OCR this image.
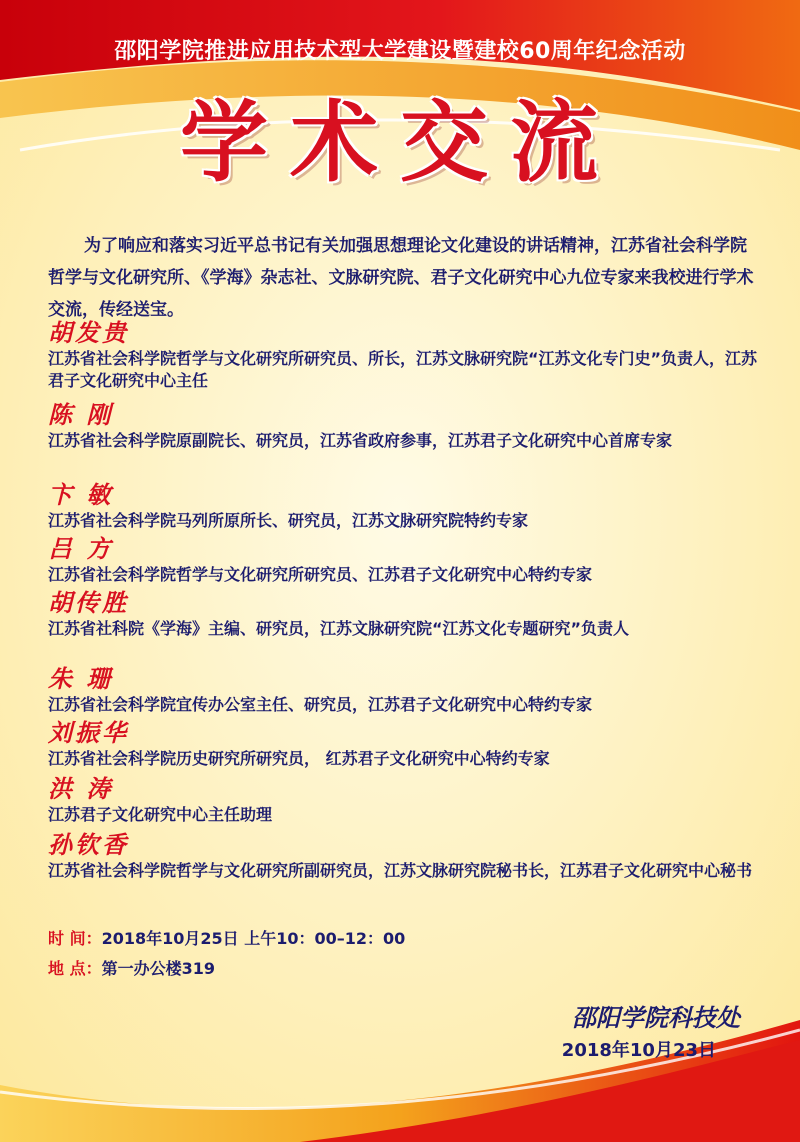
邵阳学院推进应用技术型大学建设暨建校60周年纪念活动
学术交流
为了响应和落实习近平总书记有关加强思想理论文化建设的讲话精神，江苏省社会科学院哲学与文化研究所、《学海》杂志社、文脉研究院、君子文化研究中心九位专家来我校进行学术交流，传经送宝。
胡发贵
江苏省社会科学院哲学与文化研究所研究员、所长，江苏文脉研究院“江苏文化专门史”负责人，江苏君子文化研究中心主任
陈 刚
江苏省社会科学院原副院长、研究员，江苏省政府参事，江苏君子文化研究中心首席专家
卞 敏
江苏省社会科学院马列所原所长、研究员，江苏文脉研究院特约专家
吕 方
江苏省社会科学院哲学与文化研究所研究员、江苏君子文化研究中心特约专家
胡传胜
江苏省社科院《学海》主编、研究员，江苏文脉研究院“江苏文化专题研究”负责人
朱 珊
江苏省社会科学院宜传办公室主任、研究员，江苏君子文化研究中心特约专家
刘振华
江苏省社会科学院历史研究所研究员， 红苏君子文化研究中心特约专家
洪 涛
江苏君子文化研究中心主任助理
孙钦香
江苏省社会科学院哲学与文化研究所副研究员，江苏文脉研究院秘书长，江苏君子文化研究中心秘书
时 间：2018年10月25日 上午10：00–12：00
地 点：第一办公楼319
邵阳学院科技处
2018年10月23日
